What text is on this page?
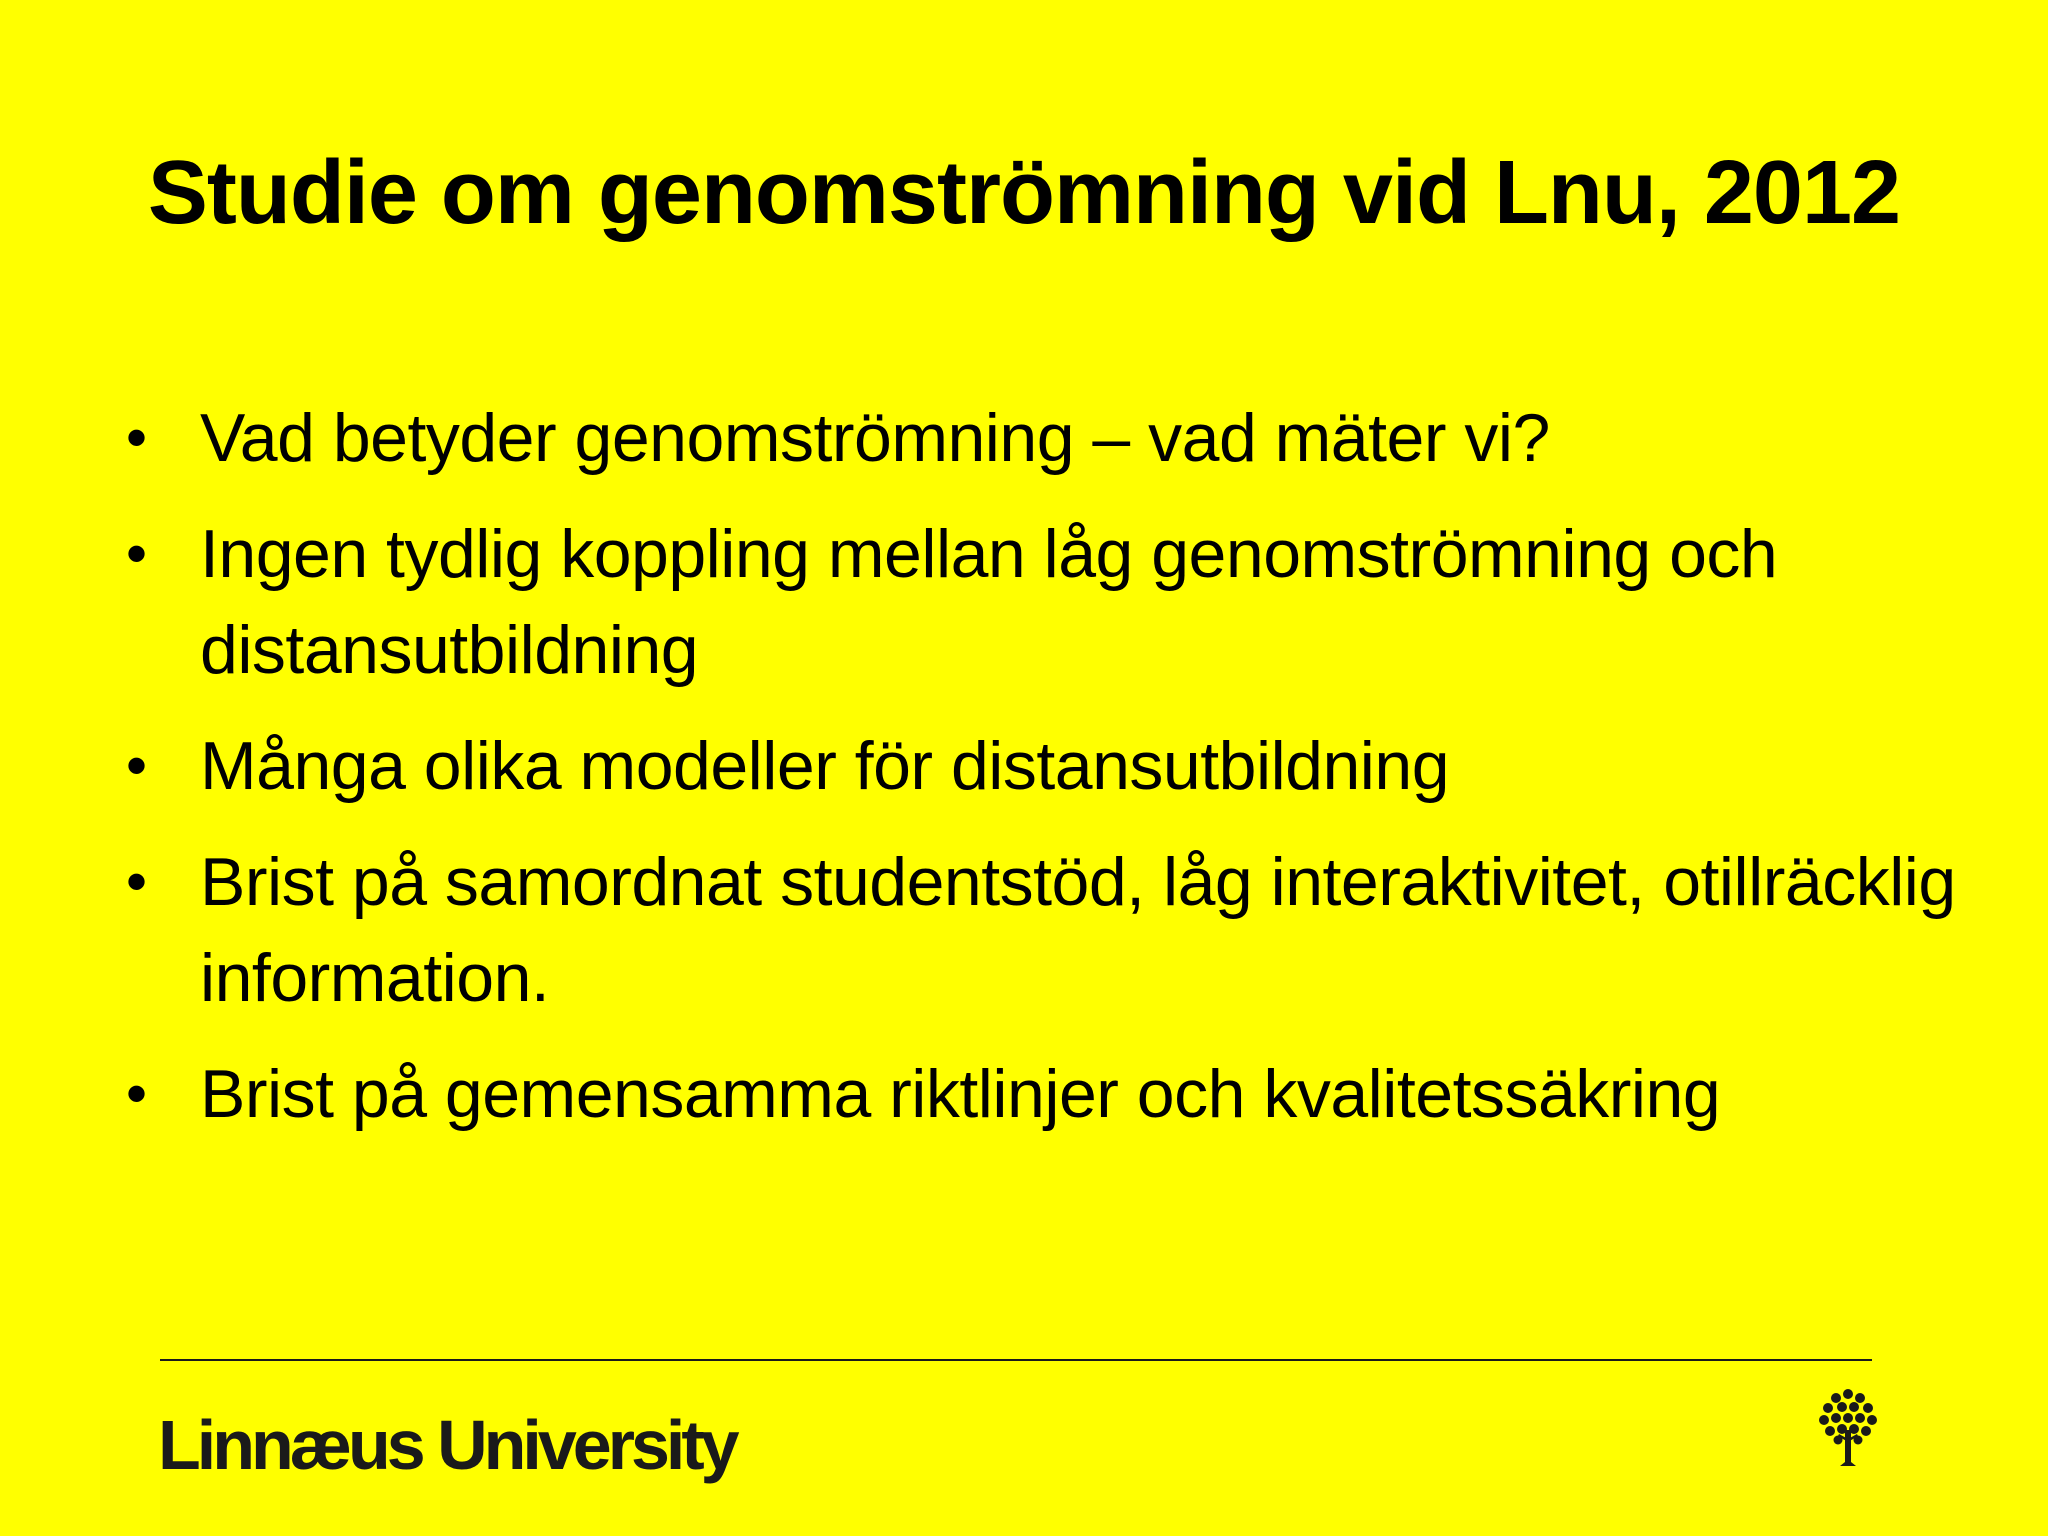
Studie om genomströmning vid Lnu, 2012
• Vad betyder genomströmning – vad mäter vi?
• Ingen tydlig koppling mellan låg genomströmning och distansutbildning
• Många olika modeller för distansutbildning
• Brist på samordnat studentstöd, låg interaktivitet, otillräcklig information.
• Brist på gemensamma riktlinjer och kvalitetssäkring
Linnæus University
